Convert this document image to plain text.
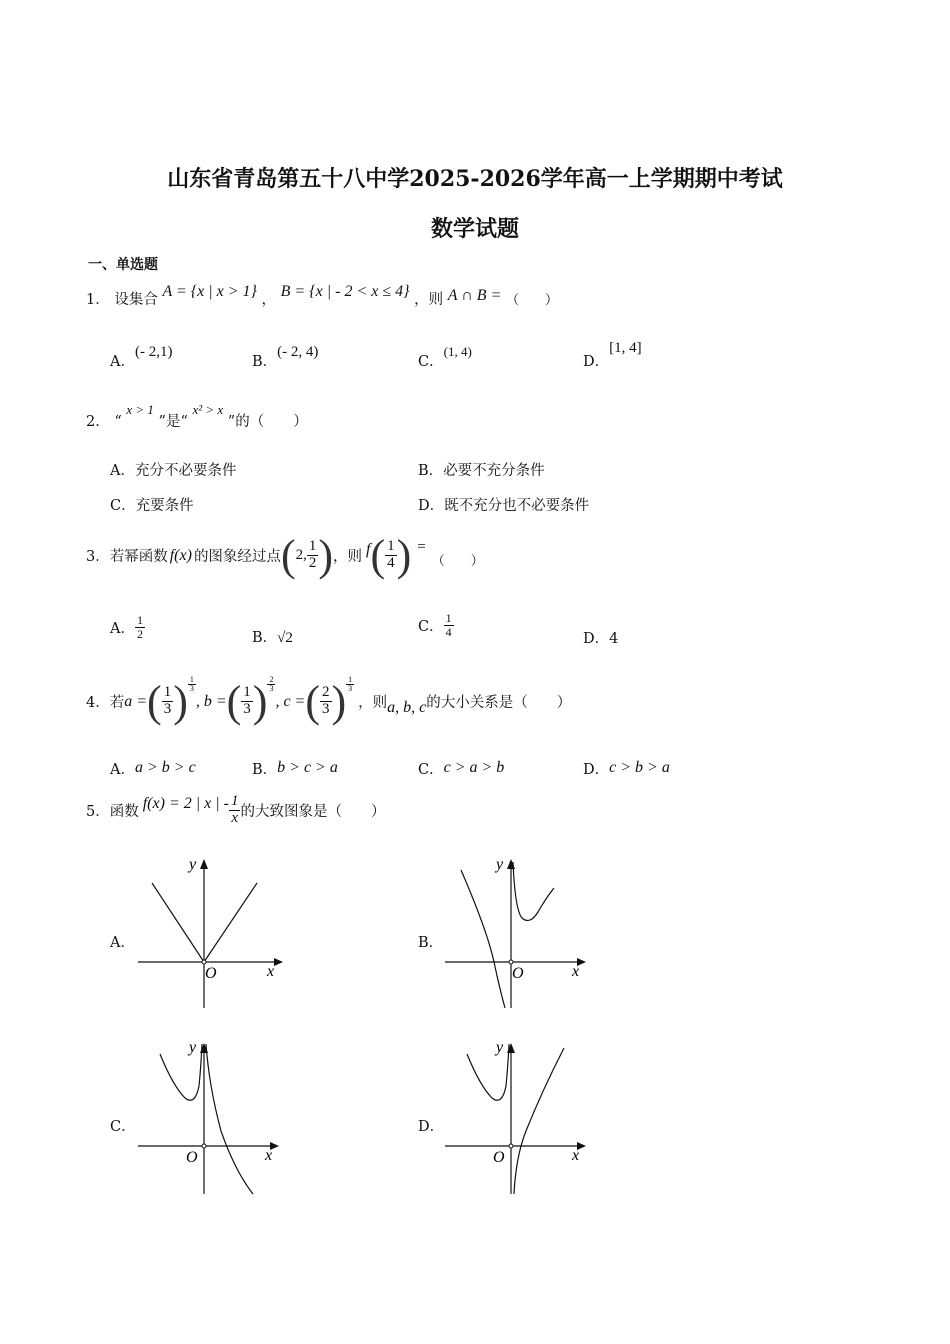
山东省青岛第五十八中学2025-2026学年高一上学期期中考试
数学试题
一、单选题
1． 设集合 A = {x | x > 1} ， B = {x | - 2 < x ≤ 4} ，则 A ∩ B = （　　）
A．(- 2,1)
B．(- 2, 4)
C．(1, 4)
D．[1, 4]
2． “ x > 1 ”是“ x² > x ”的（　　）
A．充分不必要条件	B．必要不充分条件
C．充要条件	D．既不充分也不必要条件
3． 若幂函数 f(x) 的图象经过点 ( 2, $\frac{1}{2}$ ) ，则 f ( $\frac{1}{4}$ ) =
（　　）
A． $\frac{1}{2}$	B．√2
C． $\frac{1}{4}$
D．4
4． 若 a = ( $\frac{1}{3}$ ) $\frac{1}{3}$
, b = ( $\frac{1}{3}$ ) $\frac{2}{3}$
, c = ( $\frac{2}{3}$ ) $\frac{1}{3}$
，则 a, b, c 的大小关系是（　　）
A．a > b > c	B．b > c > a	C．c > a > b	D．c > b > a
5． 函数 f(x) = 2 | x | - $\frac{1}{x}$ 的大致图象是（　　）
A．	B．
C．	D．
y
x
O
y
x
O
y
x
O
y
x
O
